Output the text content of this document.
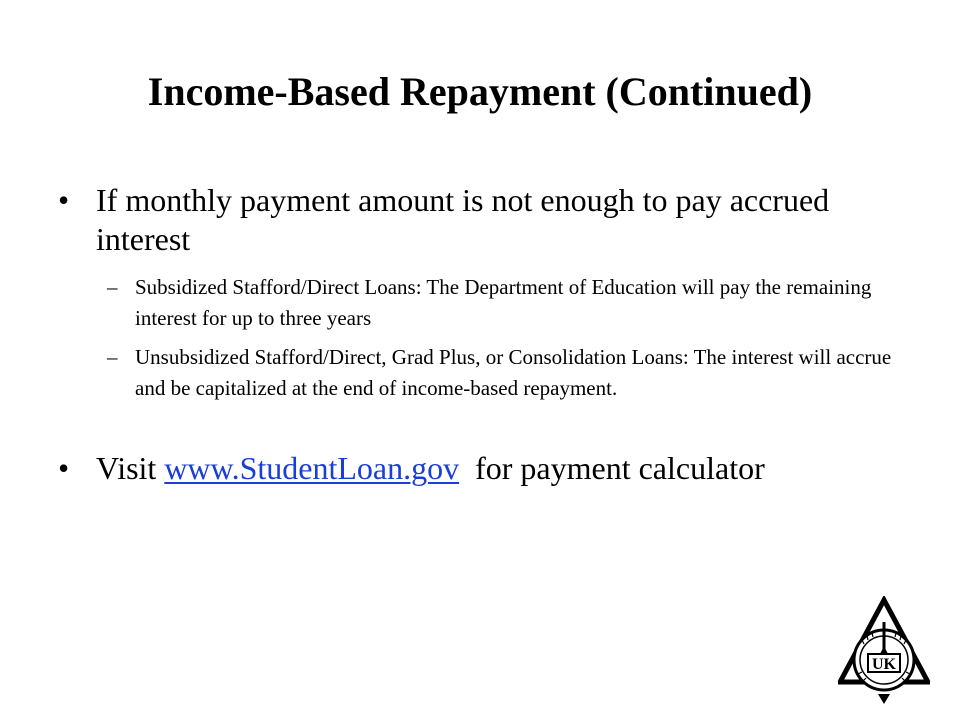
Income-Based Repayment (Continued)
• If monthly payment amount is not enough to pay accrued interest
– Subsidized Stafford/Direct Loans: The Department of Education will pay the remaining interest for up to three years
– Unsubsidized Stafford/Direct, Grad Plus, or Consolidation Loans: The interest will accrue and be capitalized at the end of income-based repayment.
• Visit www.StudentLoan.gov  for payment calculator
UK
